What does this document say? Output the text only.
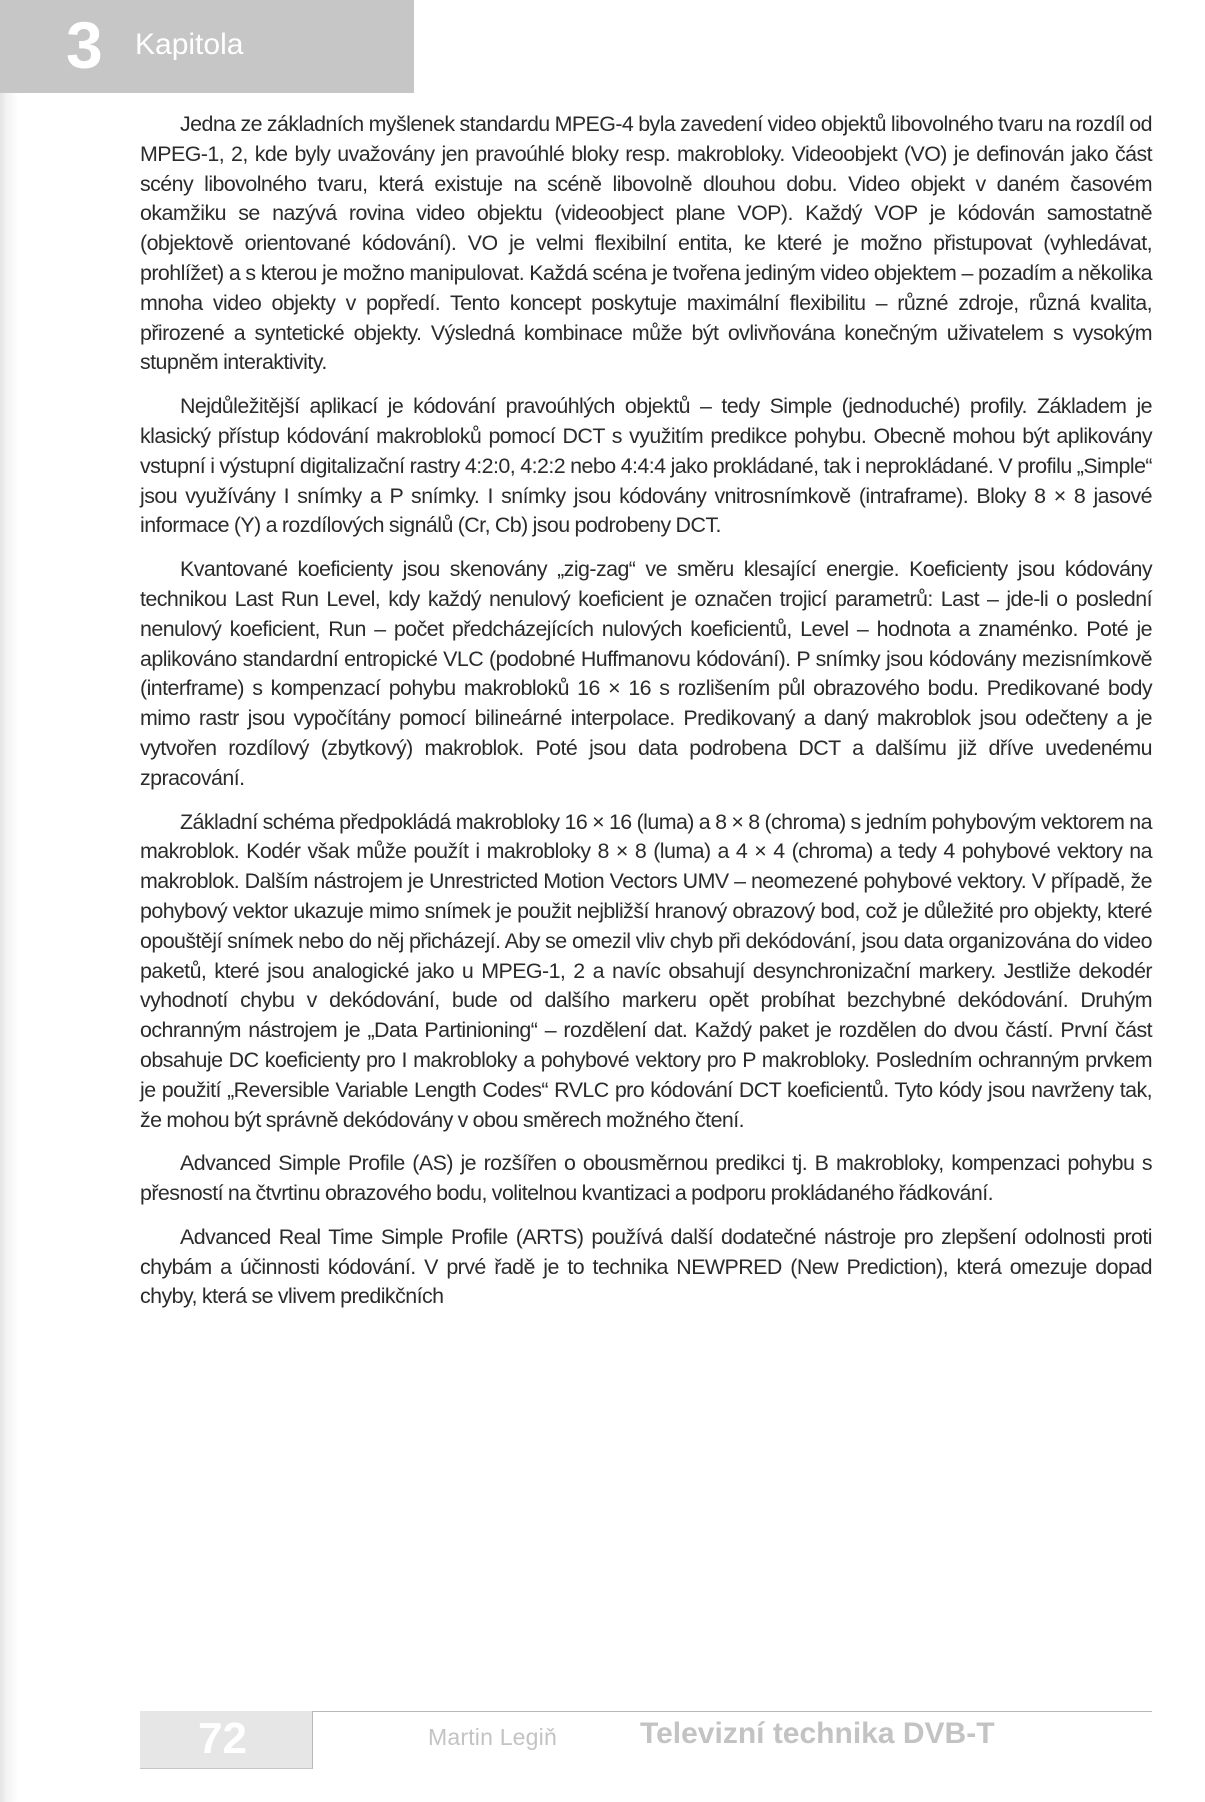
3 Kapitola

Jedna ze základních myšlenek standardu MPEG-4 byla zavedení video objektů libovolného tvaru na rozdíl od MPEG-1, 2, kde byly uvažovány jen pravoúhlé bloky resp. makrobloky. Videoobjekt (VO) je definován jako část scény libovolného tvaru, která existuje na scéně libovolně dlouhou dobu. Video objekt v daném časovém okamžiku se nazývá rovina video objektu (videoobject plane VOP). Každý VOP je kódován samostatně (objektově orientované kódování). VO je velmi flexibilní entita, ke které je možno přistupovat (vyhledávat, prohlížet) a s kterou je možno manipulovat. Každá scéna je tvořena jediným video objektem – pozadím a několika mnoha video objekty v popředí. Tento koncept poskytuje maximální flexibilitu – různé zdroje, různá kvalita, přirozené a syntetické objekty. Výsledná kombinace může být ovlivňována konečným uživatelem s vysokým stupněm interaktivity.

Nejdůležitější aplikací je kódování pravoúhlých objektů – tedy Simple (jednoduché) profily. Základem je klasický přístup kódování makrobloků pomocí DCT s využitím predikce pohybu. Obecně mohou být aplikovány vstupní i výstupní digitalizační rastry 4:2:0, 4:2:2 nebo 4:4:4 jako prokládané, tak i neprokládané. V profilu „Simple“ jsou využívány I snímky a P snímky. I snímky jsou kódovány vnitrosnímkově (intraframe). Bloky 8 × 8 jasové informace (Y) a rozdílových signálů (Cr, Cb) jsou podrobeny DCT.

Kvantované koeficienty jsou skenovány „zig-zag“ ve směru klesající energie. Koeficienty jsou kódovány technikou Last Run Level, kdy každý nenulový koeficient je označen trojicí parametrů: Last – jde-li o poslední nenulový koeficient, Run – počet předcházejících nulových koeficientů, Level – hodnota a znaménko. Poté je aplikováno standardní entropické VLC (podobné Huffmanovu kódování). P snímky jsou kódovány mezisnímkově (interframe) s kompenzací pohybu makrobloků 16 × 16 s rozlišením půl obrazového bodu. Predikované body mimo rastr jsou vypočítány pomocí bilineárné interpolace. Predikovaný a daný makroblok jsou odečteny a je vytvořen rozdílový (zbytkový) makroblok. Poté jsou data podrobena DCT a dalšímu již dříve uvedenému zpracování.

Základní schéma předpokládá makrobloky 16 × 16 (luma) a 8 × 8 (chroma) s jedním pohybovým vektorem na makroblok. Kodér však může použít i makrobloky 8 × 8 (luma) a 4 × 4 (chroma) a tedy 4 pohybové vektory na makroblok. Dalším nástrojem je Unrestricted Motion Vectors UMV – neomezené pohybové vektory. V případě, že pohybový vektor ukazuje mimo snímek je použit nejbližší hranový obrazový bod, což je důležité pro objekty, které opouštějí snímek nebo do něj přicházejí. Aby se omezil vliv chyb při dekódování, jsou data organizována do video paketů, které jsou analogické jako u MPEG-1, 2 a navíc obsahují desynchronizační markery. Jestliže dekodér vyhodnotí chybu v dekódování, bude od dalšího markeru opět probíhat bezchybné dekódování. Druhým ochranným nástrojem je „Data Partinioning“ – rozdělení dat. Každý paket je rozdělen do dvou částí. První část obsahuje DC koeficienty pro I makrobloky a pohybové vektory pro P makrobloky. Posledním ochranným prvkem je použití „Reversible Variable Length Codes“ RVLC pro kódování DCT koeficientů. Tyto kódy jsou navrženy tak, že mohou být správně dekódovány v obou směrech možného čtení.

Advanced Simple Profile (AS) je rozšířen o obousměrnou predikci tj. B makrobloky, kompenzaci pohybu s přesností na čtvrtinu obrazového bodu, volitelnou kvantizaci a podporu prokládaného řádkování.

Advanced Real Time Simple Profile (ARTS) používá další dodatečné nástroje pro zlepšení odolnosti proti chybám a účinnosti kódování. V prvé řadě je to technika NEWPRED (New Prediction), která omezuje dopad chyby, která se vlivem predikčních

72	Martin Legiň	Televizní technika DVB-T
